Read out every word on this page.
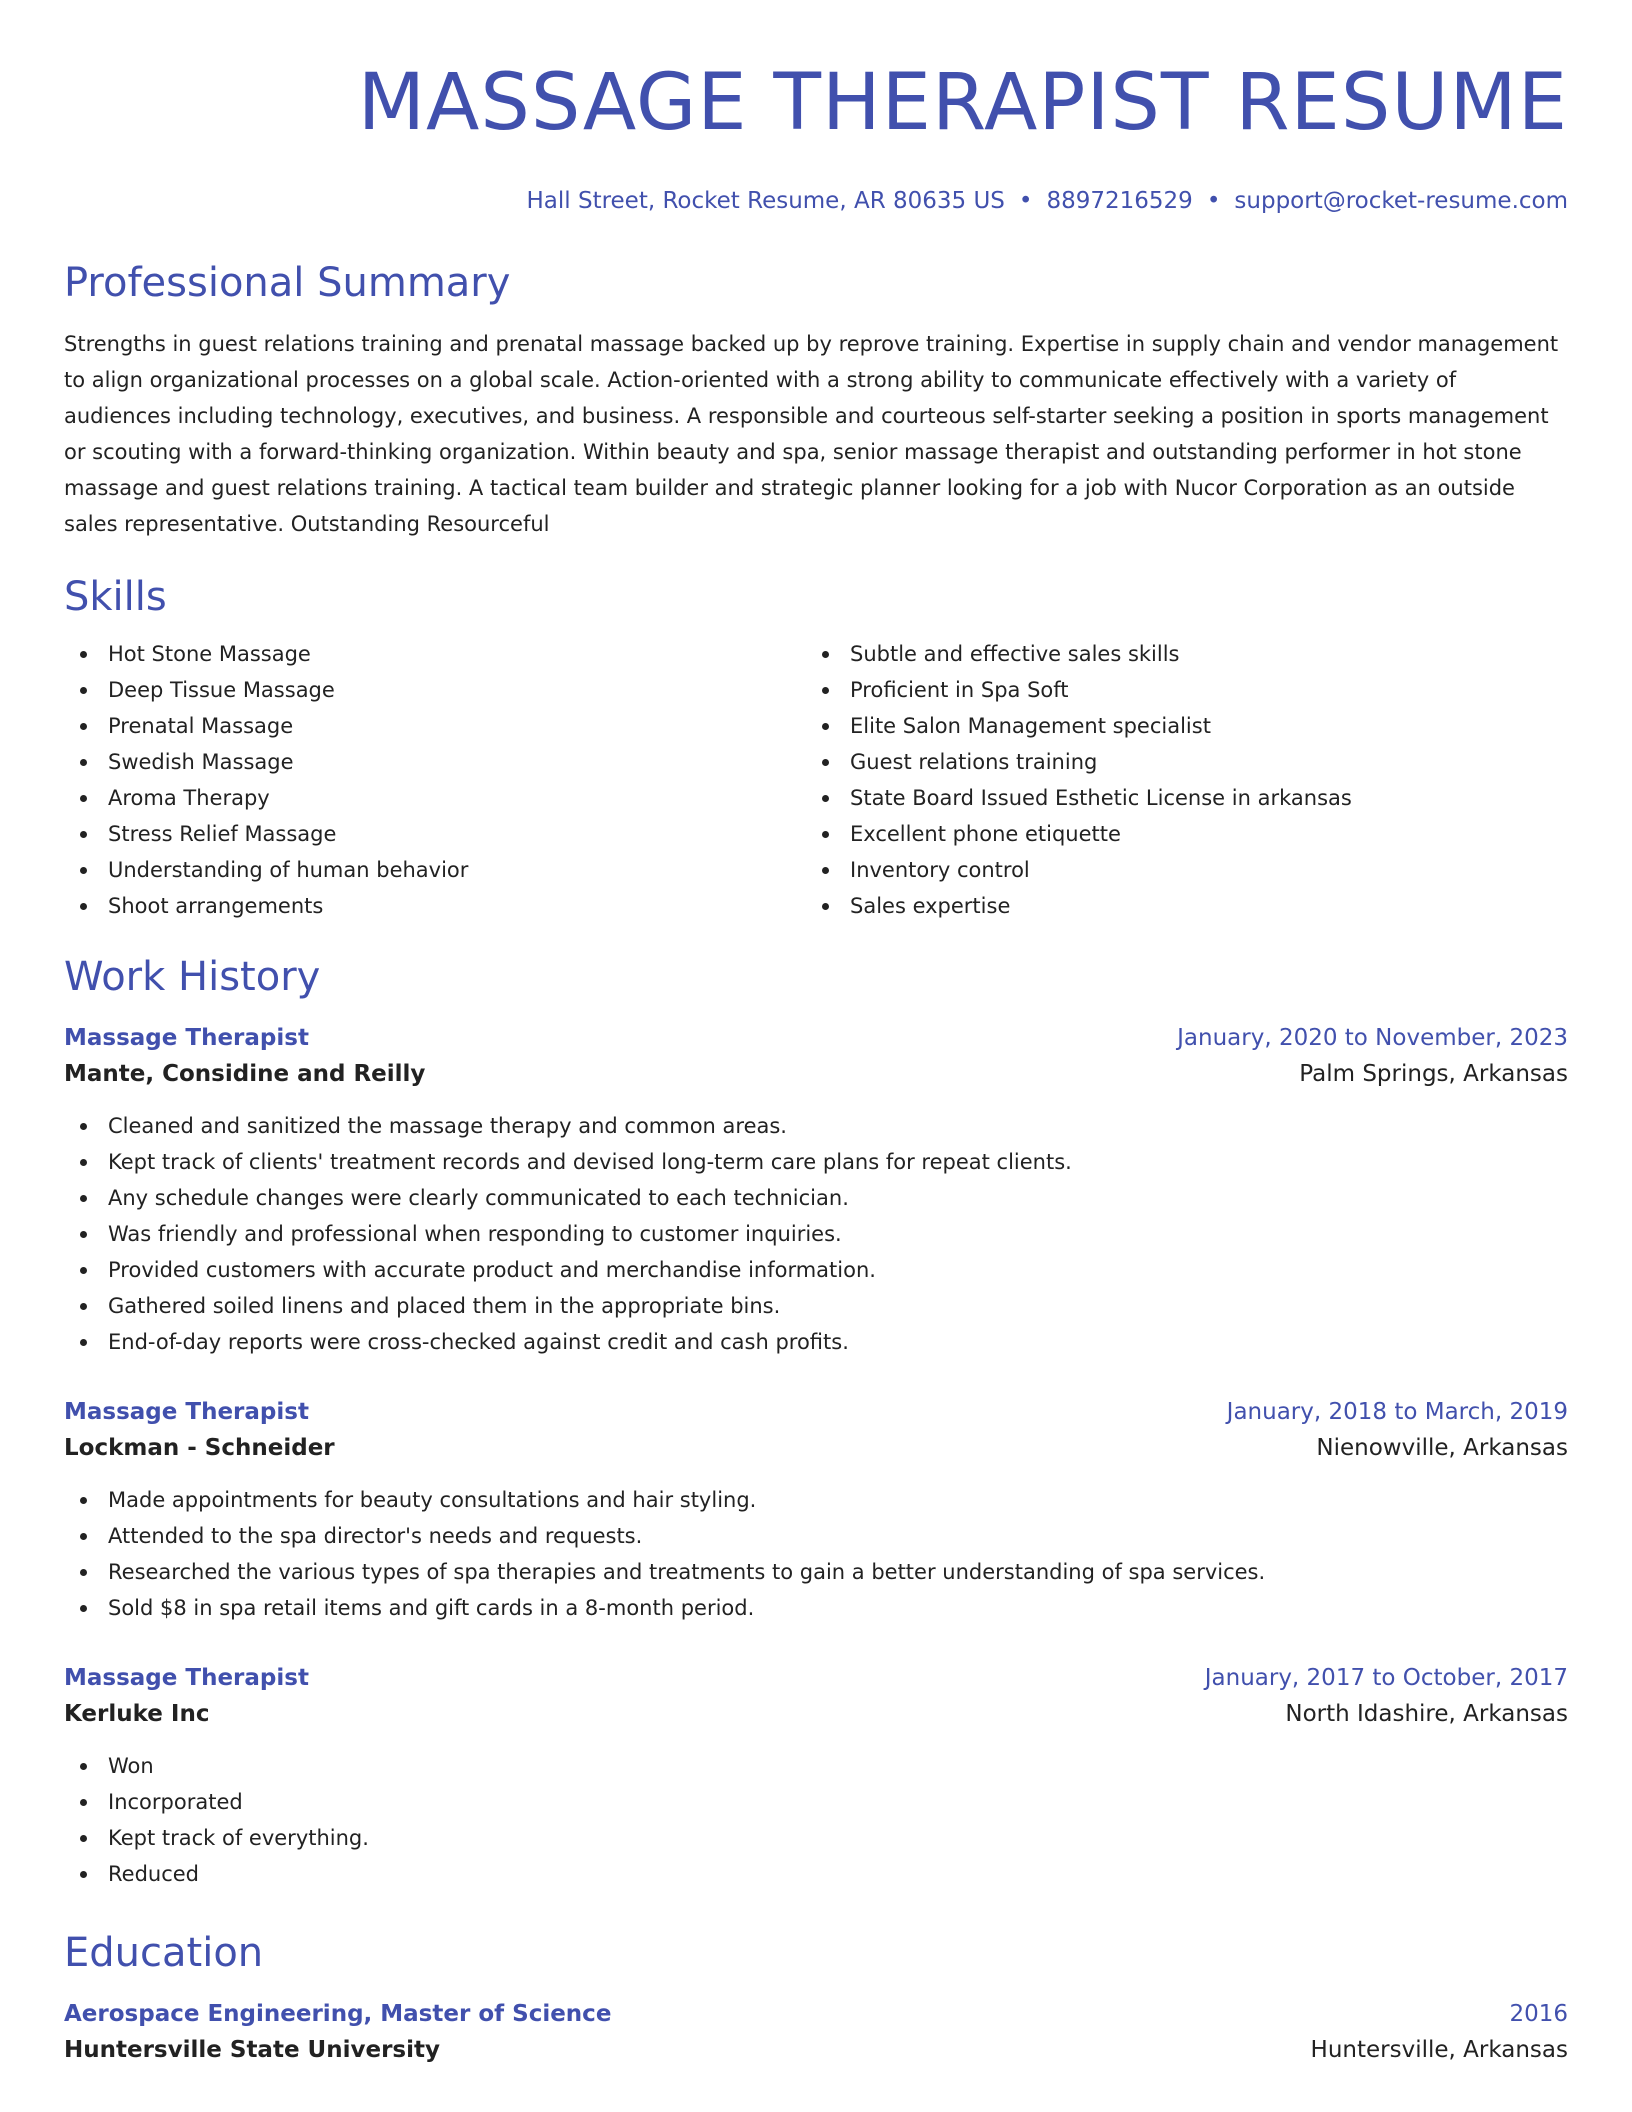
MASSAGE THERAPIST RESUME
Hall Street, Rocket Resume, AR 80635 US • 8897216529 • support@rocket-resume.com
Professional Summary

Strengths in guest relations training and prenatal massage backed up by reprove training. Expertise in supply chain and vendor management to align organizational processes on a global scale. Action-oriented with a strong ability to communicate effectively with a variety of audiences including technology, executives, and business. A responsible and courteous self-starter seeking a position in sports management or scouting with a forward-thinking organization. Within beauty and spa, senior massage therapist and outstanding performer in hot stone massage and guest relations training. A tactical team builder and strategic planner looking for a job with Nucor Corporation as an outside sales representative. Outstanding Resourceful

Skills
Hot Stone Massage
Deep Tissue Massage
Prenatal Massage
Swedish Massage
Aroma Therapy
Stress Relief Massage
Understanding of human behavior
Shoot arrangements
Subtle and effective sales skills
Proficient in Spa Soft
Elite Salon Management specialist
Guest relations training
State Board Issued Esthetic License in arkansas
Excellent phone etiquette
Inventory control
Sales expertise
Work History
Massage Therapist	January, 2020 to November, 2023
Mante, Considine and Reilly	Palm Springs, Arkansas
Cleaned and sanitized the massage therapy and common areas.
Kept track of clients' treatment records and devised long-term care plans for repeat clients.
Any schedule changes were clearly communicated to each technician.
Was friendly and professional when responding to customer inquiries.
Provided customers with accurate product and merchandise information.
Gathered soiled linens and placed them in the appropriate bins.
End-of-day reports were cross-checked against credit and cash profits.
Massage Therapist	January, 2018 to March, 2019
Lockman - Schneider	Nienowville, Arkansas
Made appointments for beauty consultations and hair styling.
Attended to the spa director's needs and requests.
Researched the various types of spa therapies and treatments to gain a better understanding of spa services.
Sold $8 in spa retail items and gift cards in a 8-month period.
Massage Therapist	January, 2017 to October, 2017
Kerluke Inc	North Idashire, Arkansas
Won
Incorporated
Kept track of everything.
Reduced
Education
Aerospace Engineering, Master of Science	2016
Huntersville State University	Huntersville, Arkansas
